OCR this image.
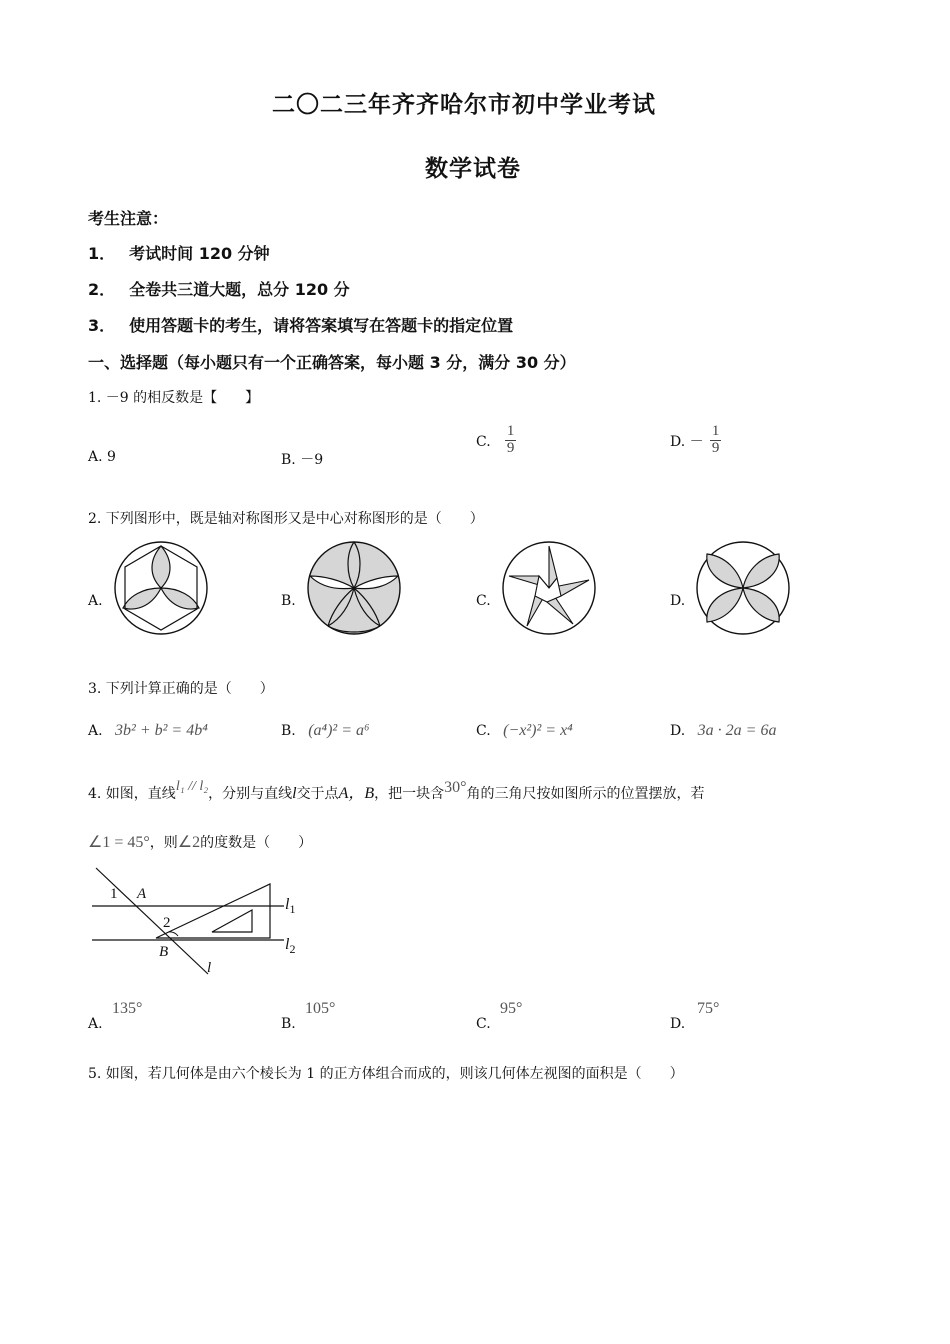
二〇二三年齐齐哈尔市初中学业考试
数学试卷
考生注意：
1． 考试时间 120 分钟
2． 全卷共三道大题，总分 120 分
3． 使用答题卡的考生，请将答案填写在答题卡的指定位置
一、选择题（每小题只有一个正确答案，每小题 3 分，满分 30 分）
1. －9 的相反数是【　　】
A. 9	B. －9
C. $\frac{1}{9}$	D. － $\frac{1}{9}$
2. 下列图形中，既是轴对称图形又是中心对称图形的是（　　）
A.	B.	C.	D.
3. 下列计算正确的是（　　）
A. 3b² + b² = 4b⁴	B. (a⁴)² = a⁶	C. (−x²)² = x⁴	D. 3a · 2a = 6a
4. 如图，直线l₁ // l₂，分别与直线l交于点A，B，把一块含30°角的三角尺按如图所示的位置摆放，若
∠1 = 45°，则∠2的度数是（　　）
1 A
2
B
l
$l_1$
$l_2$
A.
135°
B.
105°
C.
95°
D.
75°
5. 如图，若几何体是由六个棱长为 1 的正方体组合而成的，则该几何体左视图的面积是（　　）
